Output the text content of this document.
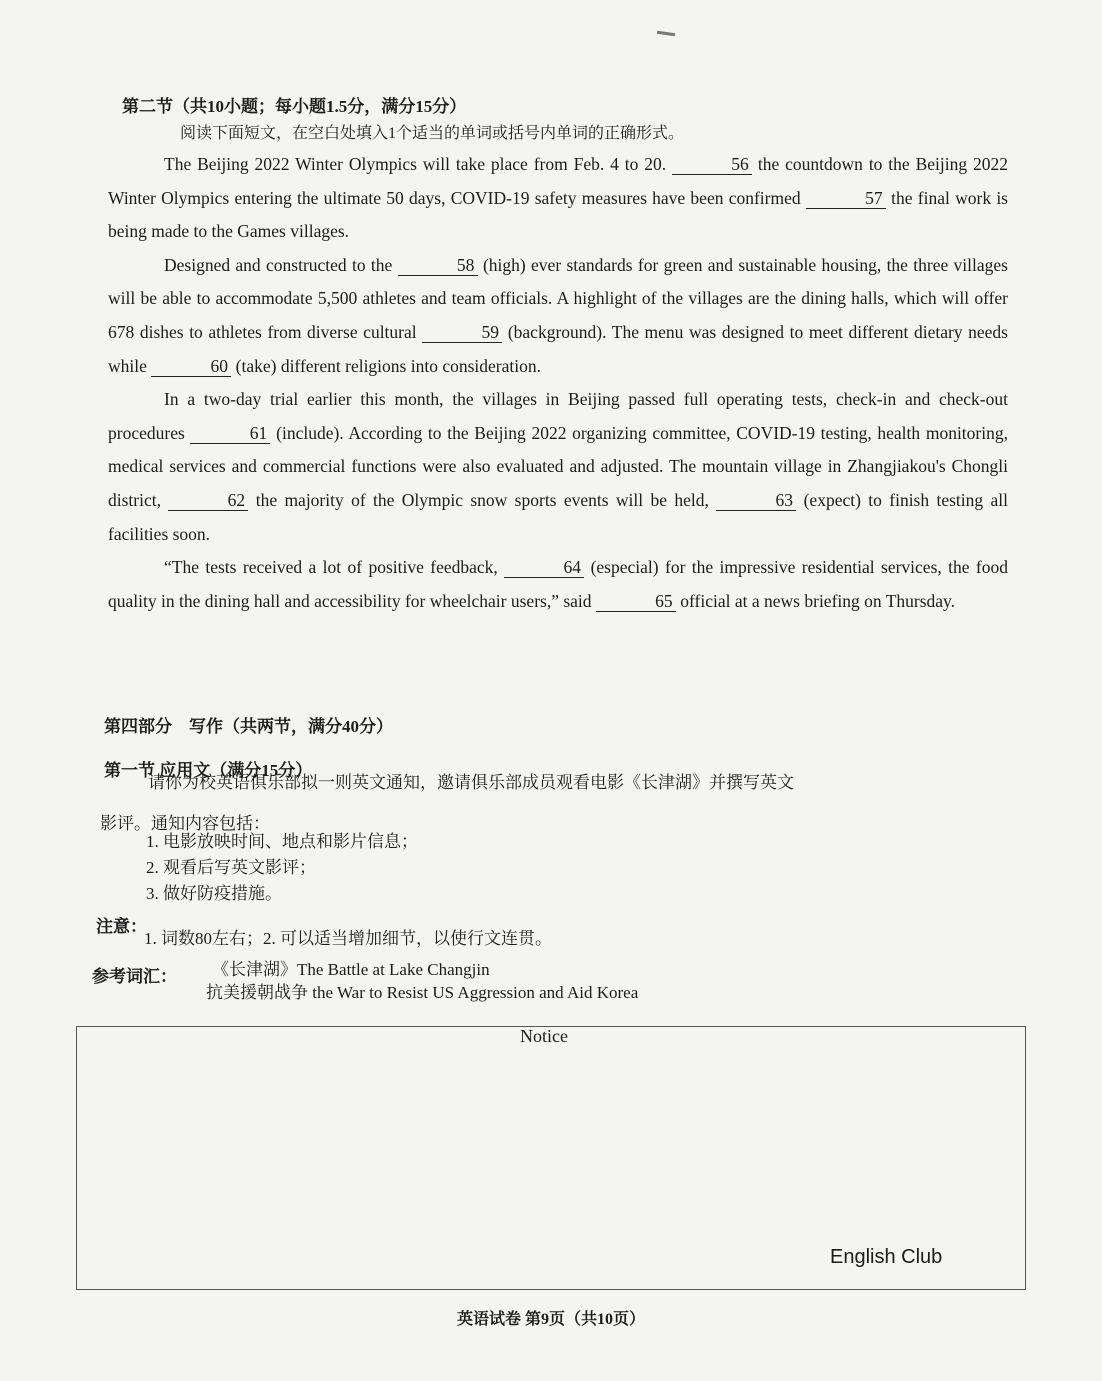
第二节（共10小题；每小题1.5分，满分15分）
阅读下面短文，在空白处填入1个适当的单词或括号内单词的正确形式。

The Beijing 2022 Winter Olympics will take place from Feb. 4 to 20.	56 the countdown to the Beijing 2022 Winter Olympics entering the ultimate 50 days, COVID-19 safety measures have been confirmed	57 the final work is being made to the Games villages.

Designed and constructed to the	58 (high) ever standards for green and sustainable housing, the three villages will be able to accommodate 5,500 athletes and team officials. A highlight of the villages are the dining halls, which will offer 678 dishes to athletes from diverse cultural	59 (background). The menu was designed to meet different dietary needs while	60 (take) different religions into consideration.

In a two-day trial earlier this month, the villages in Beijing passed full operating tests, check-in and check-out procedures	61 (include). According to the Beijing 2022 organizing committee, COVID-19 testing, health monitoring, medical services and commercial functions were also evaluated and adjusted. The mountain village in Zhangjiakou's Chongli district,	62 the majority of the Olympic snow sports events will be held,	63 (expect) to finish testing all facilities soon.

“The tests received a lot of positive feedback,	64 (especial) for the impressive residential services, the food quality in the dining hall and accessibility for wheelchair users,” said	65 official at a news briefing on Thursday.

第四部分　写作（共两节，满分40分）
第一节 应用文（满分15分）
请你为校英语俱乐部拟一则英文通知，邀请俱乐部成员观看电影《长津湖》并撰写英文
影评。通知内容包括：
1. 电影放映时间、地点和影片信息；
2. 观看后写英文影评；
3. 做好防疫措施。
注意：
1. 词数80左右；2. 可以适当增加细节，以使行文连贯。
参考词汇： 《长津湖》The Battle at Lake Changjin
抗美援朝战争 the War to Resist US Aggression and Aid Korea
Notice
English Club
英语试卷 第9页（共10页）
